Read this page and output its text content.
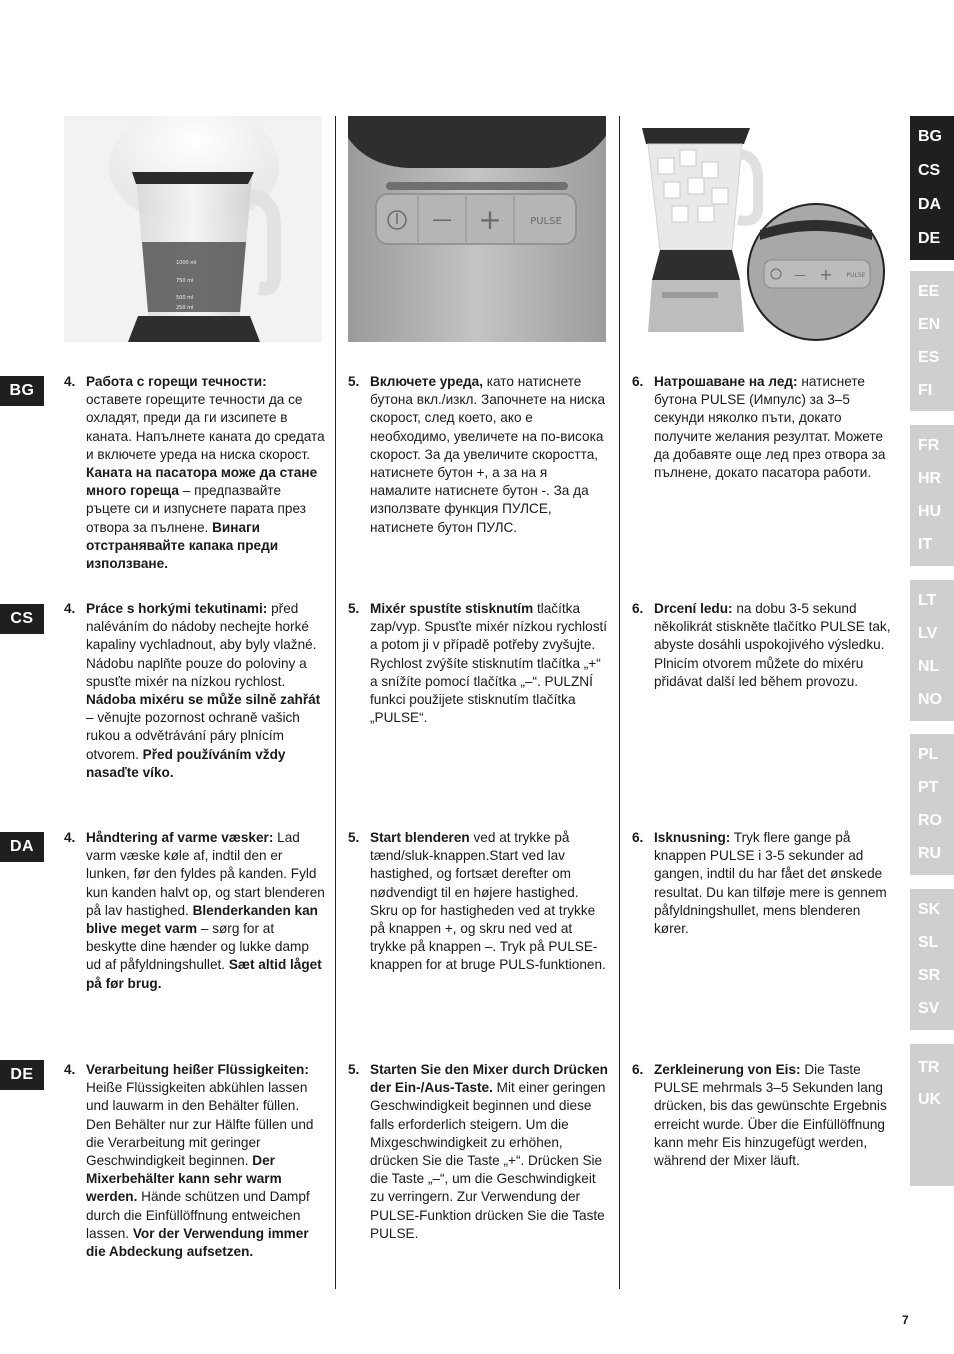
1000 ml
750 ml
500 ml
250 ml
— +	PULSE
— + PULSE
BG
CS
DA
DE
4. Работа с горещи течности: оставете горещите течности да се охладят, преди да ги изсипете в каната. Напълнете каната до средата и включете уреда на ниска скорост. Каната на пасатора може да стане много гореща – предпазвайте ръцете си и изпуснете парата през отвора за пълнене. Винаги отстранявайте капака преди използване.
5. Включете уреда, като натиснете бутона вкл./изкл. Започнете на ниска скорост, след което, ако е необходимо, увеличете на по-висока скорост. За да увеличите скоростта, натиснете бутон +, а за на я намалите натиснете бутон -. За да използвате функция ПУЛСЕ, натиснете бутон ПУЛС.
6. Натрошаване на лед: натиснете бутона PULSE (Импулс) за 3–5 секунди няколко пъти, докато получите желания резултат. Можете да добавяте още лед през отвора за пълнене, докато пасатора работи.
4. Práce s horkými tekutinami: před naléváním do nádoby nechejte horké kapaliny vychladnout, aby byly vlažné. Nádobu naplňte pouze do poloviny a spusťte mixér na nízkou rychlost. Nádoba mixéru se může silně zahřát – věnujte pozornost ochraně vašich rukou a odvětrávání páry plnícím otvorem. Před používáním vždy nasaďte víko.
5. Mixér spustíte stisknutím tlačítka zap/vyp. Spusťte mixér nízkou rychlostí a potom ji v případě potřeby zvyšujte. Rychlost zvýšíte stisknutím tlačítka „+“ a snížíte pomocí tlačítka „–“. PULZNÍ funkci použijete stisknutím tlačítka „PULSE“.
6. Drcení ledu: na dobu 3-5 sekund několikrát stiskněte tlačítko PULSE tak, abyste dosáhli uspokojivého výsledku. Plnicím otvorem můžete do mixéru přidávat další led během provozu.
4. Håndtering af varme væsker: Lad varm væske køle af, indtil den er lunken, før den fyldes på kanden. Fyld kun kanden halvt op, og start blenderen på lav hastighed. Blenderkanden kan blive meget varm – sørg for at beskytte dine hænder og lukke damp ud af påfyldningshullet. Sæt altid låget på før brug.
5. Start blenderen ved at trykke på tænd/sluk-knappen.Start ved lav hastighed, og fortsæt derefter om nødvendigt til en højere hastighed. Skru op for hastigheden ved at trykke på knappen +, og skru ned ved at trykke på knappen –. Tryk på PULSE-knappen for at bruge PULS-funktionen.
6. Isknusning: Tryk flere gange på knappen PULSE i 3-5 sekunder ad gangen, indtil du har fået det ønskede resultat. Du kan tilføje mere is gennem påfyldningshullet, mens blenderen kører.
4. Verarbeitung heißer Flüssigkeiten: Heiße Flüssigkeiten abkühlen lassen und lauwarm in den Behälter füllen. Den Behälter nur zur Hälfte füllen und die Verarbeitung mit geringer Geschwindigkeit beginnen. Der Mixerbehälter kann sehr warm werden. Hände schützen und Dampf durch die Einfüllöffnung entweichen lassen. Vor der Verwendung immer die Abdeckung aufsetzen.
5. Starten Sie den Mixer durch Drücken der Ein-/Aus-Taste. Mit einer geringen Geschwindigkeit beginnen und diese falls erforderlich steigern. Um die Mixgeschwindigkeit zu erhöhen, drücken Sie die Taste „+“. Drücken Sie die Taste „–“, um die Geschwindigkeit zu verringern. Zur Verwendung der PULSE-Funktion drücken Sie die Taste PULSE.
6. Zerkleinerung von Eis: Die Taste PULSE mehrmals 3–5 Sekunden lang drücken, bis das gewünschte Ergebnis erreicht wurde. Über die Einfüllöffnung kann mehr Eis hinzugefügt werden, während der Mixer läuft.
BG
CS
DA
DE
EE
EN
ES
FI
FR
HR
HU
IT
LT
LV
NL
NO
PL
PT
RO
RU
SK
SL
SR
SV
TR
UK
7
